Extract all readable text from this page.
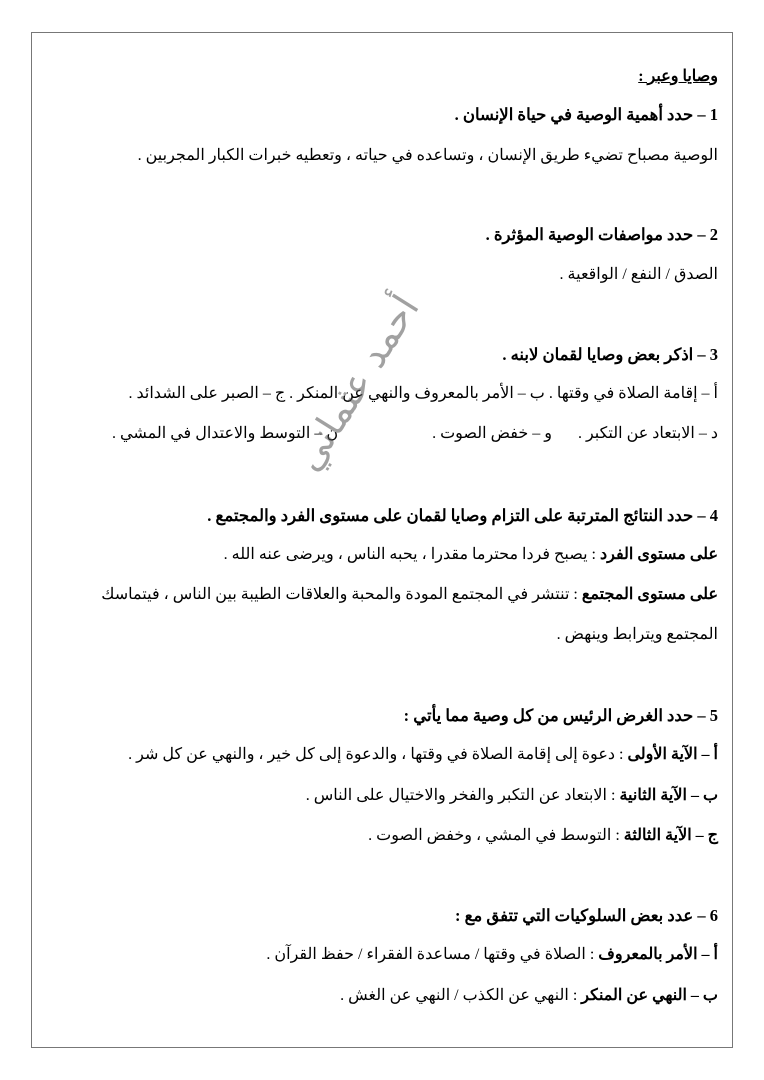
وصايا وعبر :
1 – حدد أهمية الوصية في حياة الإنسان .
الوصية مصباح تضيء طريق الإنسان ، وتساعده في حياته ، وتعطيه خبرات الكبار المجربين .
2 – حدد مواصفات الوصية المؤثرة .
الصدق / النفع / الواقعية .
3 – اذكر بعض وصايا لقمان لابنه .
أ – إقامة الصلاة في وقتها . ب – الأمر بالمعروف والنهي عن المنكر . ج – الصبر على الشدائد .
د – الابتعاد عن التكبر .و – خفض الصوت .ن – التوسط والاعتدال في المشي .
4 – حدد النتائج المترتبة على التزام وصايا لقمان على مستوى الفرد والمجتمع .
على مستوى الفرد : يصبح فردا محترما مقدرا ، يحبه الناس ، ويرضى عنه الله .
على مستوى المجتمع : تنتشر في المجتمع المودة والمحبة والعلاقات الطيبة بين الناس ، فيتماسك
المجتمع ويترابط وينهض .
5 – حدد الغرض الرئيس من كل وصية مما يأتي :
أ – الآية الأولى : دعوة إلى إقامة الصلاة في وقتها ، والدعوة إلى كل خير ، والنهي عن كل شر .
ب – الآية الثانية : الابتعاد عن التكبر والفخر والاختيال على الناس .
ج – الآية الثالثة : التوسط في المشي ، وخفض الصوت .
6 – عدد بعض السلوكيات التي تتفق مع :
أ – الأمر بالمعروف : الصلاة في وقتها / مساعدة الفقراء / حفظ القرآن .
ب – النهي عن المنكر : النهي عن الكذب / النهي عن الغش .
أحمد عثماني
